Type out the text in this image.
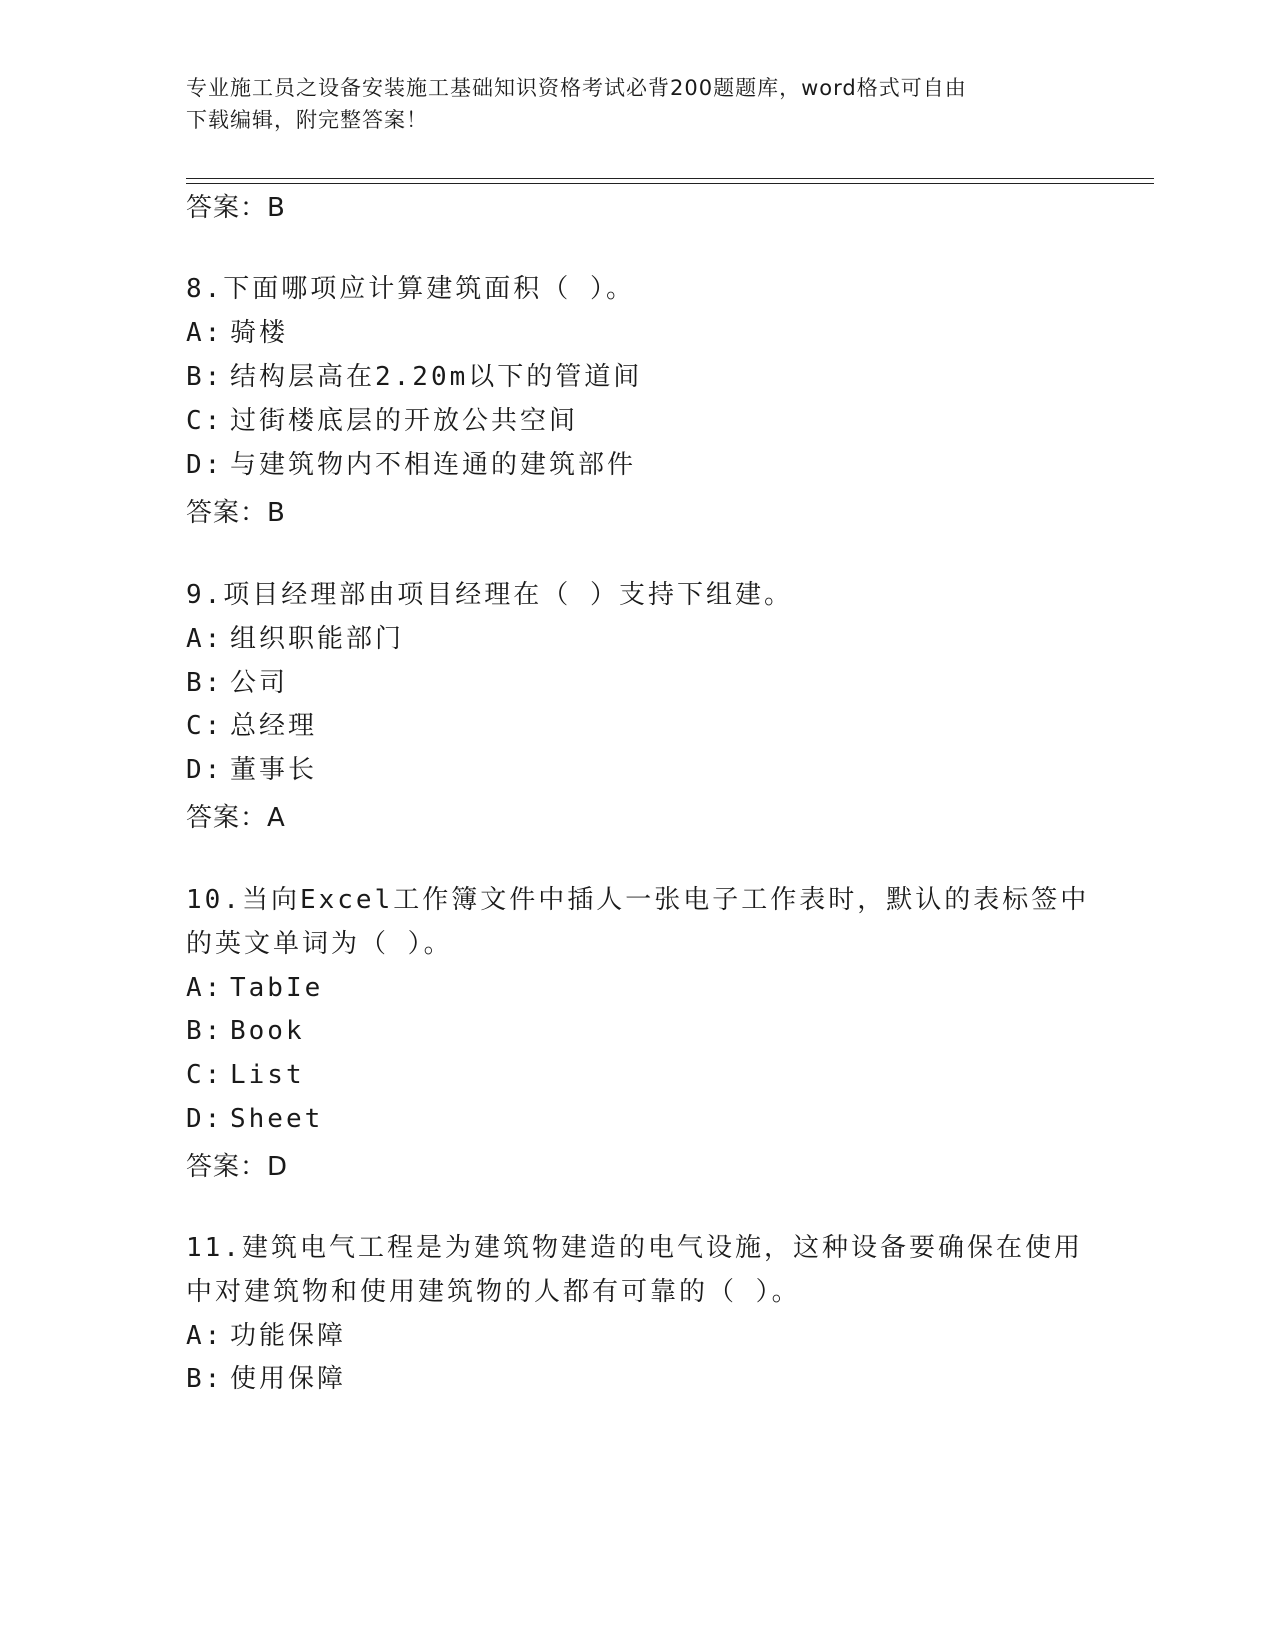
专业施工员之设备安装施工基础知识资格考试必背200题题库，word格式可自由
下载编辑，附完整答案！
答案：B
8.下面哪项应计算建筑面积（ ）。
A: 骑楼
B: 结构层高在2.20m以下的管道间
C: 过街楼底层的开放公共空间
D: 与建筑物内不相连通的建筑部件
答案：B
9.项目经理部由项目经理在（ ）支持下组建。
A: 组织职能部门
B: 公司
C: 总经理
D: 董事长
答案：A
10.当向Excel工作簿文件中插人一张电子工作表时，默认的表标签中
的英文单词为（ ）。
A: TabIe
B: Book
C: List
D: Sheet
答案：D
11.建筑电气工程是为建筑物建造的电气设施，这种设备要确保在使用
中对建筑物和使用建筑物的人都有可靠的（ ）。
A: 功能保障
B: 使用保障
